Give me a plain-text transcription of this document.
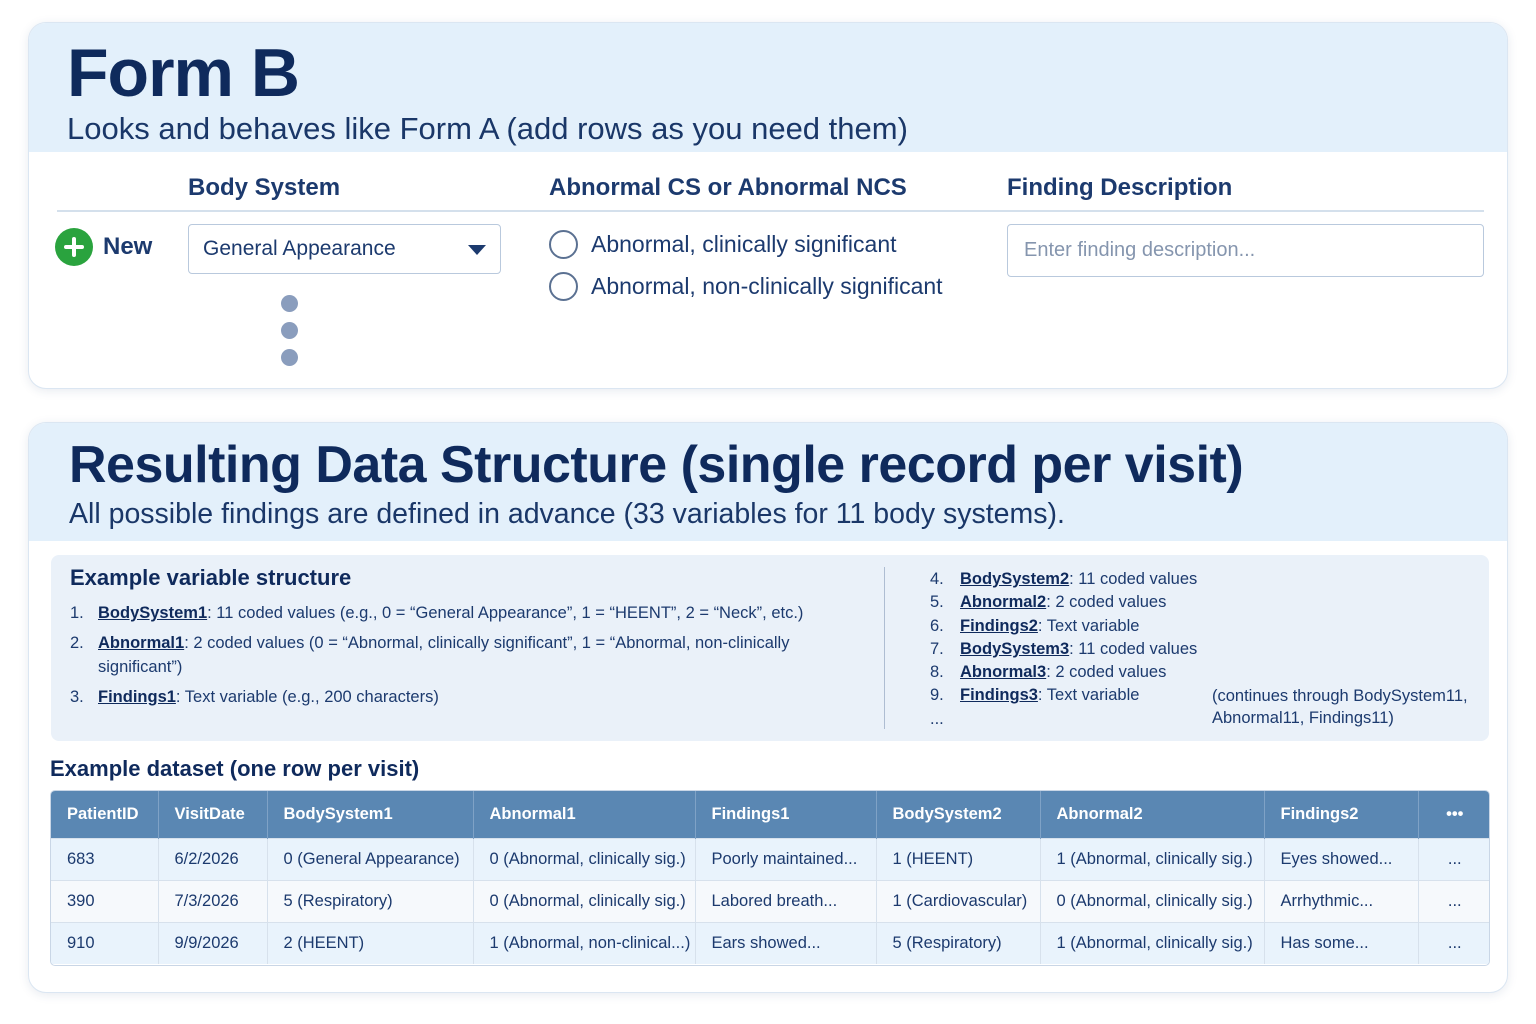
Form B
Looks and behaves like Form A (add rows as you need them)
Body System	Abnormal CS or Abnormal NCS	Finding Description
New General Appearance	Abnormal, clinically significant
Abnormal, non-clinically significant
Enter finding description...
Resulting Data Structure (single record per visit)
All possible findings are defined in advance (33 variables for 11 body systems).
Example variable structure
1. BodySystem1: 11 coded values (e.g., 0 = “General Appearance”, 1 = “HEENT”, 2 = “Neck”, etc.)
2. Abnormal1: 2 coded values (0 = “Abnormal, clinically significant”, 1 = “Abnormal, non-clinically significant”)
3. Findings1: Text variable (e.g., 200 characters)
4. BodySystem2: 11 coded values
5. Abnormal2: 2 coded values
6. Findings2: Text variable
7. BodySystem3: 11 coded values
8. Abnormal3: 2 coded values
9. Findings3: Text variable
...
(continues through BodySystem11, Abnormal11, Findings11)
Example dataset (one row per visit)
PatientID	VisitDate	BodySystem1	Abnormal1	Findings1	BodySystem2	Abnormal2	Findings2	•••
683	6/2/2026	0 (General Appearance)	0 (Abnormal, clinically sig.)	Poorly maintained...	1 (HEENT)	1 (Abnormal, clinically sig.)	Eyes showed...	...
390	7/3/2026	5 (Respiratory)	0 (Abnormal, clinically sig.)	Labored breath...	1 (Cardiovascular)	0 (Abnormal, clinically sig.)	Arrhythmic...	...
910	9/9/2026	2 (HEENT)	1 (Abnormal, non-clinical...)	Ears showed...	5 (Respiratory)	1 (Abnormal, clinically sig.)	Has some...	...
